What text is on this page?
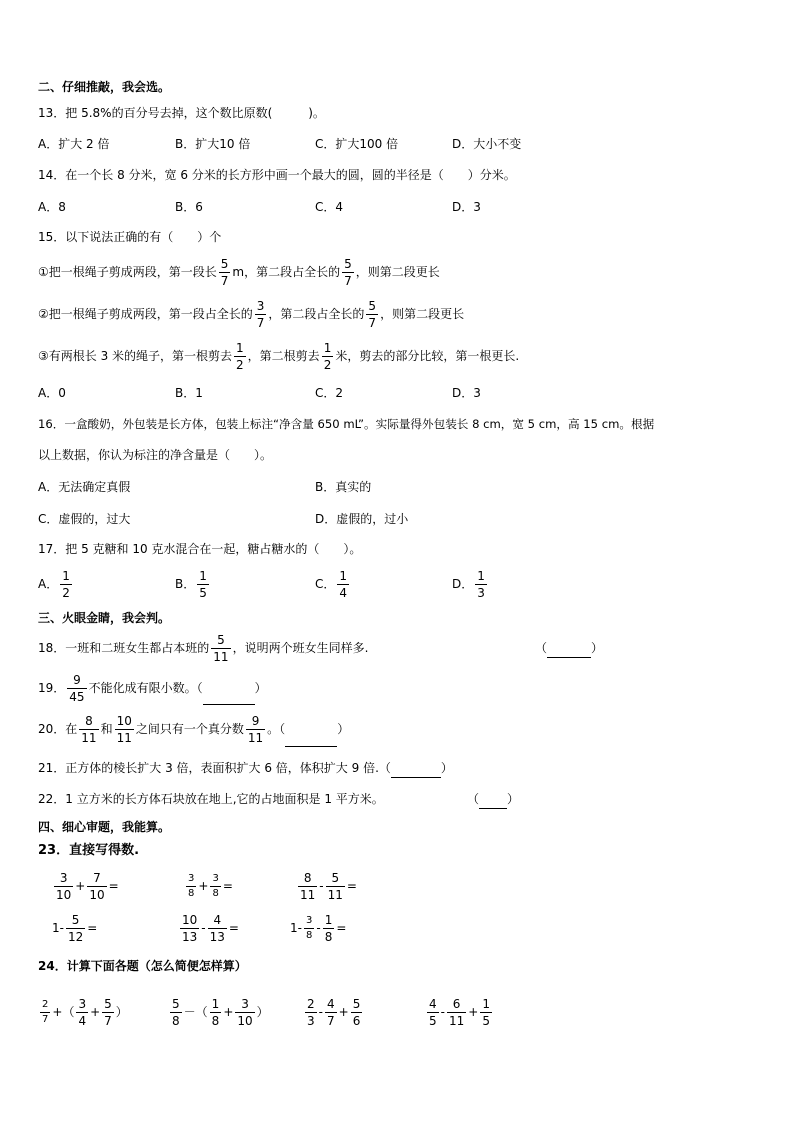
二、仔细推敲，我会选。
13．把 5.8%的百分号去掉，这个数比原数(　　　)。
A．扩大 2 倍	B．扩大10 倍	C．扩大100 倍	D．大小不变
14．在一个长 8 分米，宽 6 分米的长方形中画一个最大的圆，圆的半径是（　　）分米。
A．8	B．6	C．4	D．3
15．以下说法正确的有（　　）个
①把一根绳子剪成两段，第一段长 $\frac{5}{7}$ m，第二段占全长的 $\frac{5}{7}$ ，则第二段更长
②把一根绳子剪成两段，第一段占全长的 $\frac{3}{7}$ ，第二段占全长的 $\frac{5}{7}$ ，则第二段更长
③有两根长 3 米的绳子，第一根剪去 $\frac{1}{2}$ ，第二根剪去 $\frac{1}{2}$ 米，剪去的部分比较，第一根更长.
A．0	B．1	C．2	D．3
16．一盒酸奶，外包装是长方体，包装上标注“净含量 650 mL”。实际量得外包装长 8 cm，宽 5 cm，高 15 cm。根据
以上数据，你认为标注的净含量是（　　）。
A．无法确定真假	B．真实的
C．虚假的，过大	D．虚假的，过小
17．把 5 克糖和 10 克水混合在一起，糖占糖水的（　　）。
A． $\frac{1}{2}$	B． $\frac{1}{5}$	C． $\frac{1}{4}$	D． $\frac{1}{3}$
三、火眼金睛，我会判。
18．一班和二班女生都占本班的 $\frac{5}{11}$ ，说明两个班女生同样多.	（	）
19． $\frac{9}{45}$ 不能化成有限小数。（	）
20．在 $\frac{8}{11}$ 和 $\frac{10}{11}$ 之间只有一个真分数 $\frac{9}{11}$ 。（	）
21．正方体的棱长扩大 3 倍，表面积扩大 6 倍，体积扩大 9 倍.（	）
22．1 立方米的长方体石块放在地上,它的占地面积是 1 平方米。	（ ）
四、细心审题，我能算。
23．直接写得数.
$\frac{3}{10} + \frac{7}{10}$ =	$\frac{3}{8} + \frac{3}{8}$ =	$\frac{8}{11} - \frac{5}{11}$ =
$1- \frac{5}{12}$ =	$\frac{10}{13} - \frac{4}{13}$ =	$1- \frac{3}{8} - \frac{1}{8}$ =
24．计算下面各题（怎么简便怎样算）
$\frac{2}{7}$ +（ $\frac{3}{4} + \frac{5}{7}$ ）	$\frac{5}{8}$ －（ $\frac{1}{8} + \frac{3}{10}$ ）	$\frac{2}{3} - \frac{4}{7} + \frac{5}{6}$	$\frac{4}{5} - \frac{6}{11} + \frac{1}{5}$
